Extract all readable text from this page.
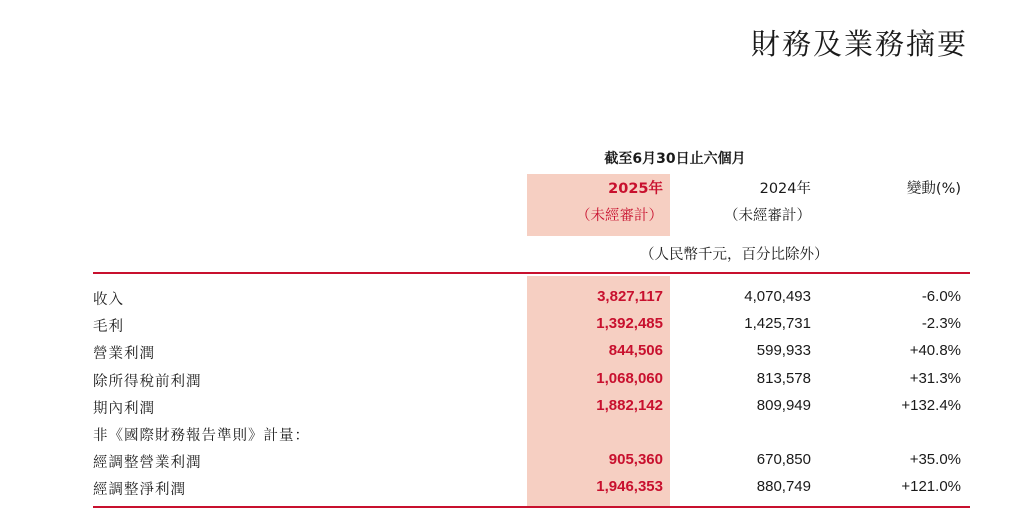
財務及業務摘要
截至6月30日止六個月
2025年
（未經審計）
2024年
（未經審計）
變動(%)
（人民幣千元，百分比除外）
收入	3,827,117	4,070,493	-6.0%
毛利	1,392,485	1,425,731	-2.3%
營業利潤	844,506	599,933	+40.8%
除所得稅前利潤	1,068,060	813,578	+31.3%
期內利潤	1,882,142	809,949	+132.4%
非《國際財務報告準則》計量：
經調整營業利潤	905,360	670,850	+35.0%
經調整淨利潤	1,946,353	880,749	+121.0%
